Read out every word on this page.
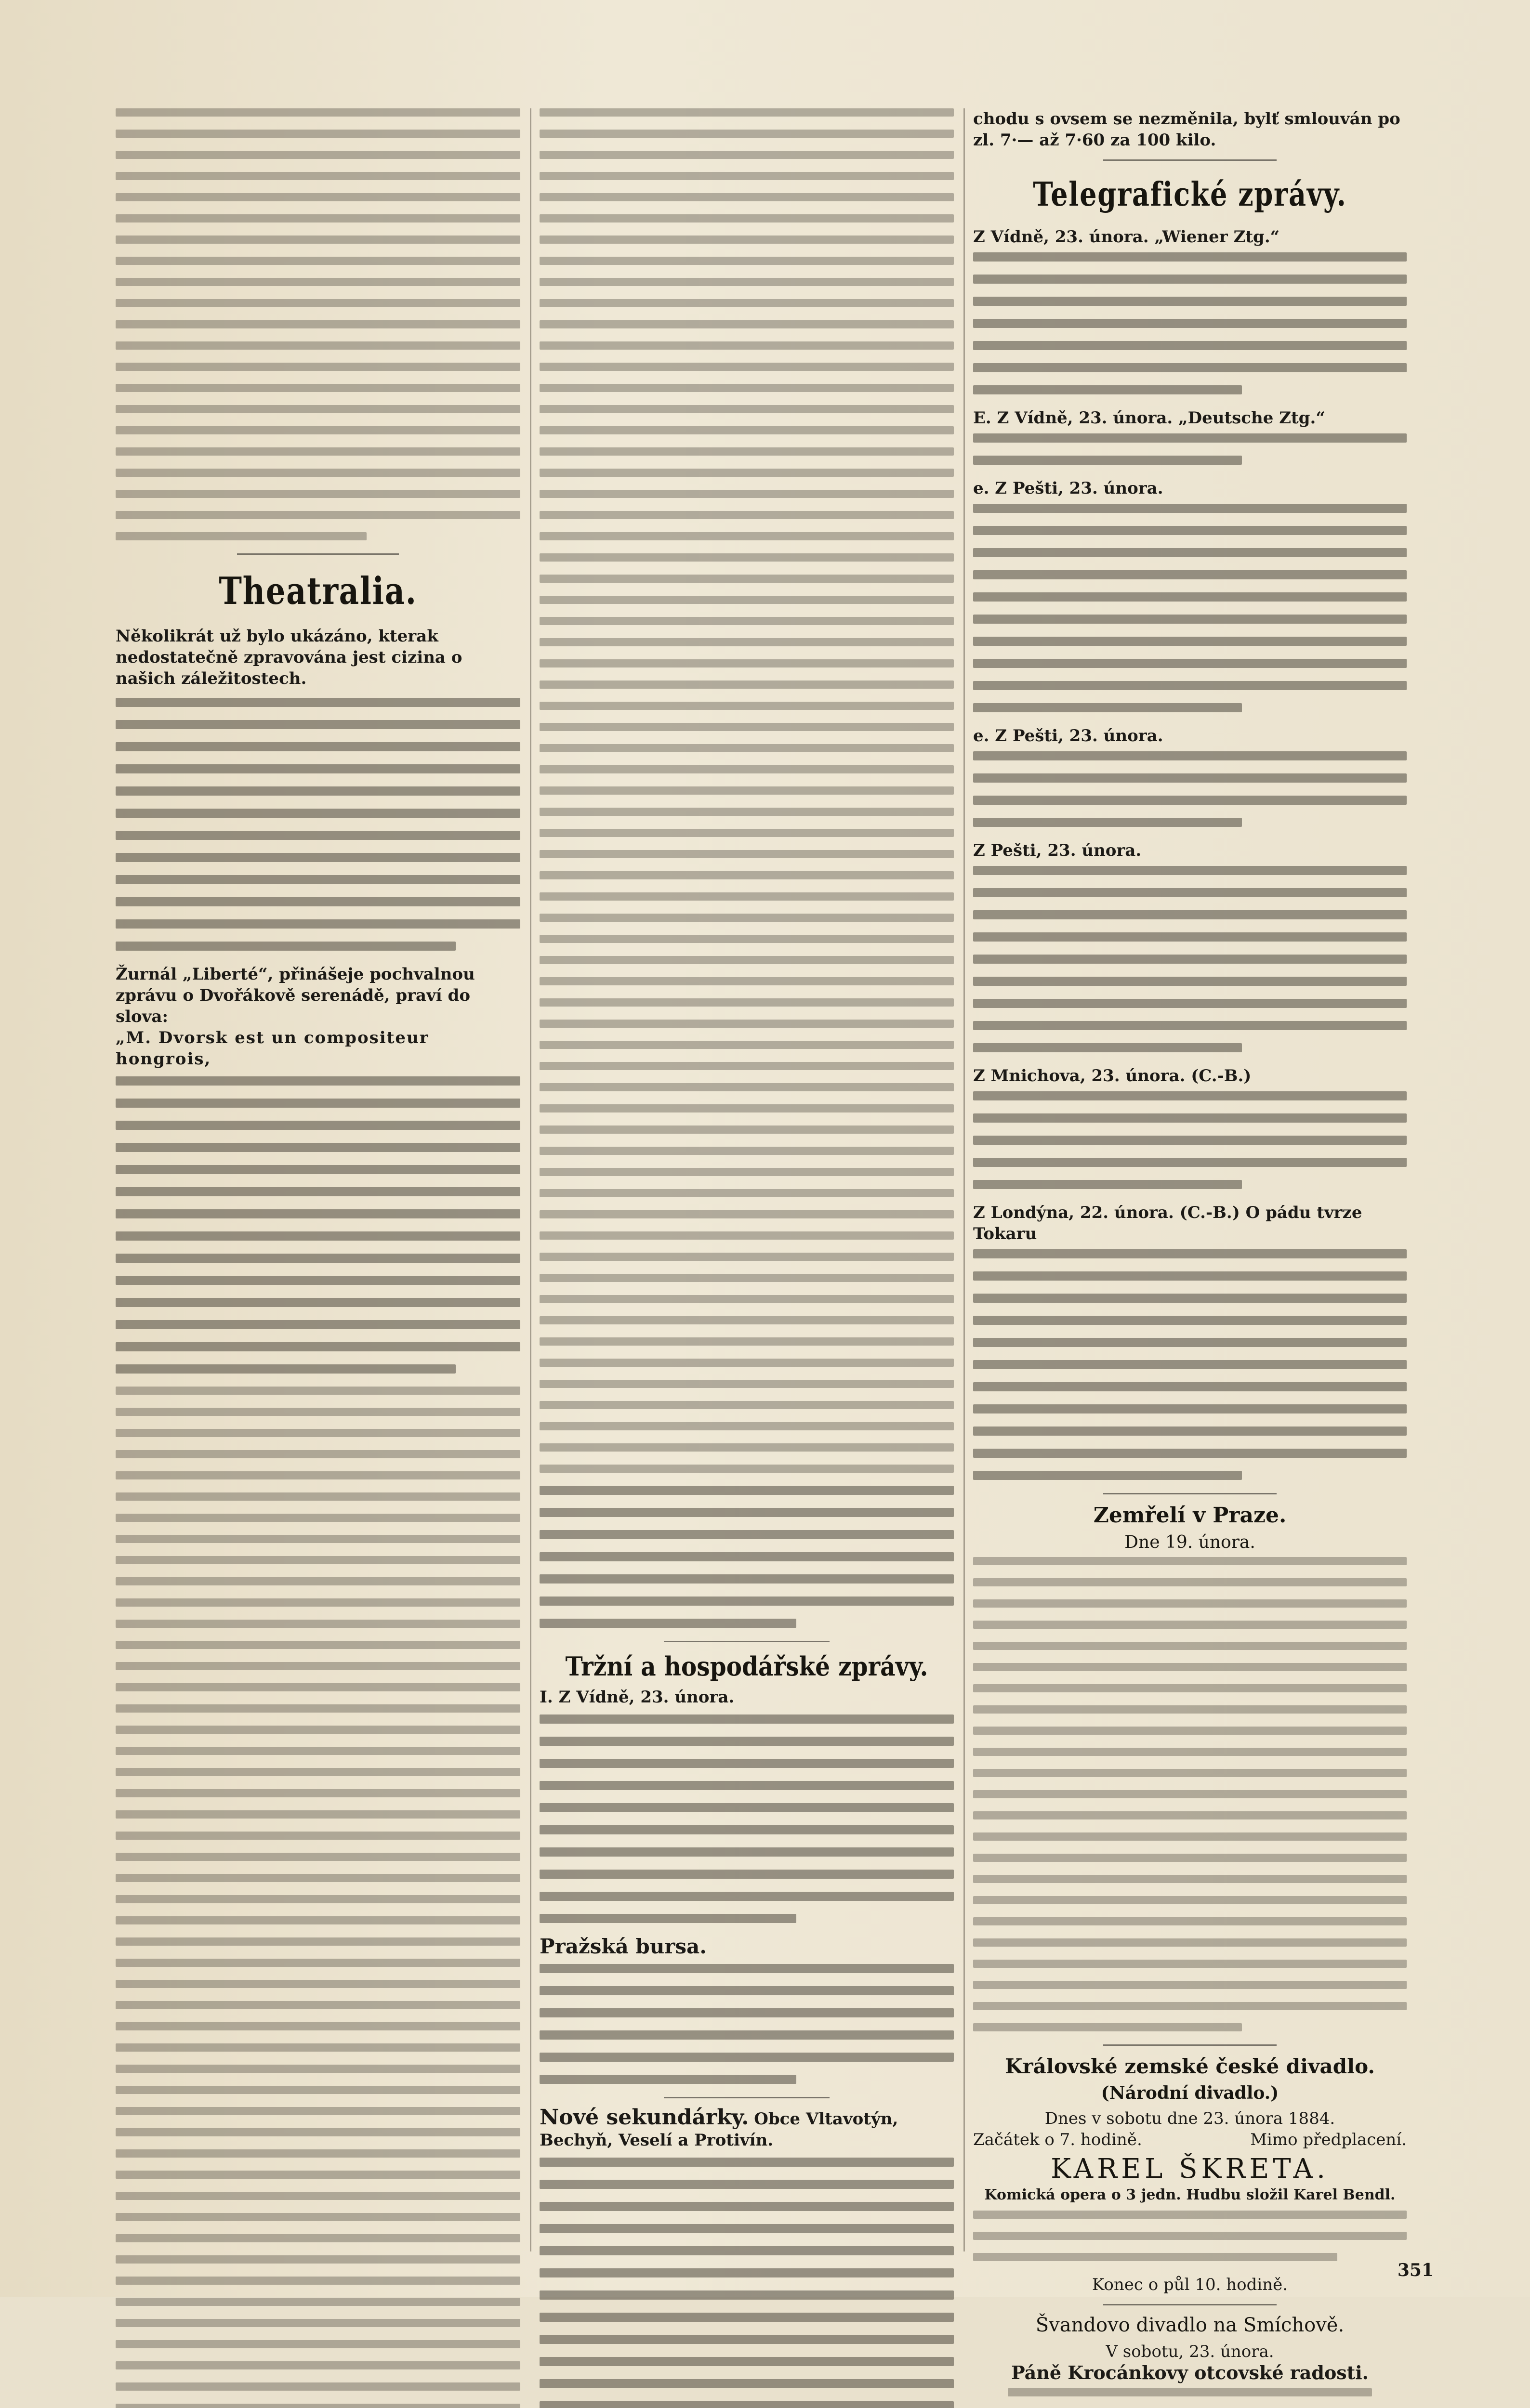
Theatralia.
Několikrát už bylo ukázáno, kterak nedostatečně zpravována jest cizina o našich záležitostech.
Žurnál „Liberté“, přinášeje pochvalnou zprávu o Dvořákově serenádě, praví do slova:
„M. Dvorsk est un compositeur hongrois,
Tržní a hospodářské zprávy.
I. Z Vídně, 23. února.
Pražská bursa.
Nové sekundárky. Obce Vltavotýn, Bechyň, Veselí a Protivín.
chodu s ovsem se nezměnila, bylť smlouván po zl. 7·— až 7·60 za 100 kilo.
Telegrafické zprávy.
Z Vídně, 23. února. „Wiener Ztg.“
E. Z Vídně, 23. února. „Deutsche Ztg.“
e. Z Pešti, 23. února.
e. Z Pešti, 23. února.
Z Pešti, 23. února.
Z Mnichova, 23. února. (C.-B.)
Z Londýna, 22. února. (C.-B.) O pádu tvrze Tokaru
Zemřelí v Praze.
Dne 19. února.
Královské zemské české divadlo.
(Národní divadlo.)
Dnes v sobotu dne 23. února 1884.
Začátek o 7. hodině.	Mimo předplacení.
KAREL ŠKRETA.
Komická opera o 3 jedn. Hudbu složil Karel Bendl.
Konec o půl 10. hodině.
Švandovo divadlo na Smíchově.
V sobotu, 23. února.
Páně Krocánkovy otcovské radosti.
351
